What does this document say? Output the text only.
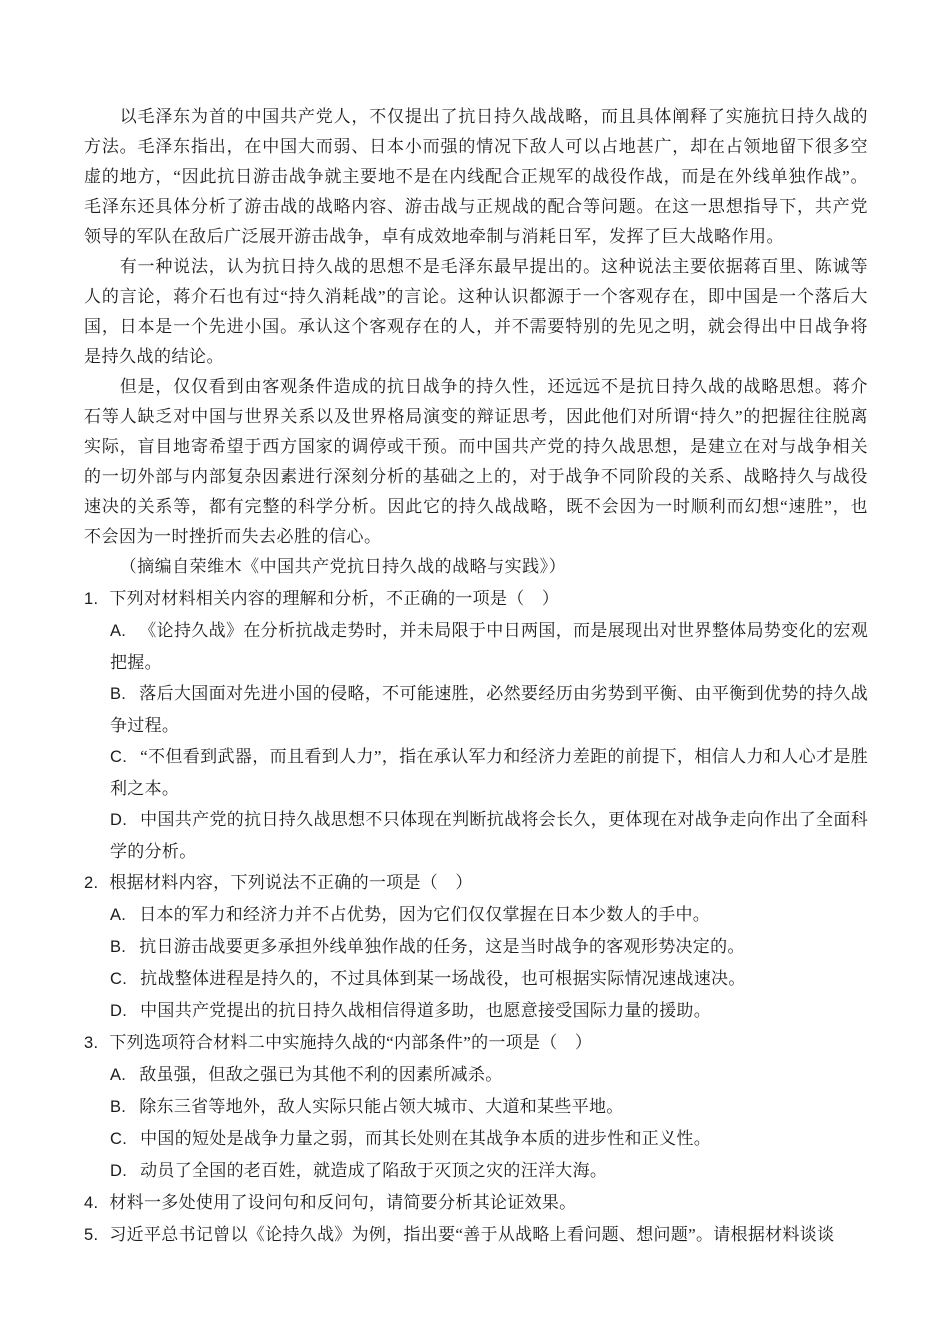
以毛泽东为首的中国共产党人，不仅提出了抗日持久战战略，而且具体阐释了实施抗日持久战的方法。毛泽东指出，在中国大而弱、日本小而强的情况下敌人可以占地甚广，却在占领地留下很多空虚的地方，“因此抗日游击战争就主要地不是在内线配合正规军的战役作战，而是在外线单独作战”。毛泽东还具体分析了游击战的战略内容、游击战与正规战的配合等问题。在这一思想指导下，共产党领导的军队在敌后广泛展开游击战争，卓有成效地牵制与消耗日军，发挥了巨大战略作用。

有一种说法，认为抗日持久战的思想不是毛泽东最早提出的。这种说法主要依据蒋百里、陈诚等人的言论，蒋介石也有过“持久消耗战”的言论。这种认识都源于一个客观存在，即中国是一个落后大国，日本是一个先进小国。承认这个客观存在的人，并不需要特别的先见之明，就会得出中日战争将是持久战的结论。

但是，仅仅看到由客观条件造成的抗日战争的持久性，还远远不是抗日持久战的战略思想。蒋介石等人缺乏对中国与世界关系以及世界格局演变的辩证思考，因此他们对所谓“持久”的把握往往脱离实际，盲目地寄希望于西方国家的调停或干预。而中国共产党的持久战思想，是建立在对与战争相关的一切外部与内部复杂因素进行深刻分析的基础之上的，对于战争不同阶段的关系、战略持久与战役速决的关系等，都有完整的科学分析。因此它的持久战战略，既不会因为一时顺利而幻想“速胜”，也不会因为一时挫折而失去必胜的信心。

（摘编自荣维木《中国共产党抗日持久战的战略与实践》）

1. 下列对材料相关内容的理解和分析，不正确的一项是（　）

A. 《论持久战》在分析抗战走势时，并未局限于中日两国，而是展现出对世界整体局势变化的宏观把握。

B. 落后大国面对先进小国的侵略，不可能速胜，必然要经历由劣势到平衡、由平衡到优势的持久战争过程。

C. “不但看到武器，而且看到人力”，指在承认军力和经济力差距的前提下，相信人力和人心才是胜利之本。

D. 中国共产党的抗日持久战思想不只体现在判断抗战将会长久，更体现在对战争走向作出了全面科学的分析。

2. 根据材料内容，下列说法不正确的一项是（　）

A. 日本的军力和经济力并不占优势，因为它们仅仅掌握在日本少数人的手中。

B. 抗日游击战要更多承担外线单独作战的任务，这是当时战争的客观形势决定的。

C. 抗战整体进程是持久的，不过具体到某一场战役，也可根据实际情况速战速决。

D. 中国共产党提出的抗日持久战相信得道多助，也愿意接受国际力量的援助。

3. 下列选项符合材料二中实施持久战的“内部条件”的一项是（　）

A. 敌虽强，但敌之强已为其他不利的因素所减杀。

B. 除东三省等地外，敌人实际只能占领大城市、大道和某些平地。

C. 中国的短处是战争力量之弱，而其长处则在其战争本质的进步性和正义性。

D. 动员了全国的老百姓，就造成了陷敌于灭顶之灾的汪洋大海。

4. 材料一多处使用了设问句和反问句，请简要分析其论证效果。

5. 习近平总书记曾以《论持久战》为例，指出要“善于从战略上看问题、想问题”。请根据材料谈谈
